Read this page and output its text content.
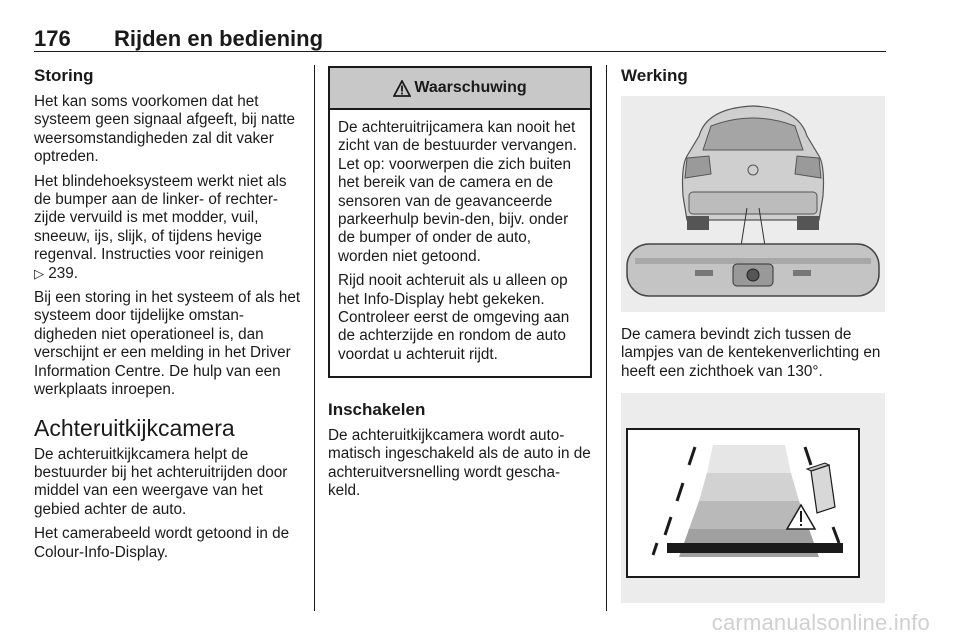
176 Rijden en bediening
Storing

Het kan soms voorkomen dat het systeem geen signaal afgeeft, bij natte weersomstandigheden zal dit vaker optreden.

Het blindehoeksysteem werkt niet als de bumper aan de linker- of rechter-zijde vervuild is met modder, vuil, sneeuw, ijs, slijk, of tijdens hevige regenval. Instructies voor reinigen
▷ 239.

Bij een storing in het systeem of als het systeem door tijdelijke omstan-digheden niet operationeel is, dan verschijnt er een melding in het Driver Information Centre. De hulp van een werkplaats inroepen.

Achteruitkijkcamera

De achteruitkijkcamera helpt de bestuurder bij het achteruitrijden door middel van een weergave van het gebied achter de auto.

Het camerabeeld wordt getoond in de Colour-Info-Display.

Waarschuwing

De achteruitrijcamera kan nooit het zicht van de bestuurder vervangen. Let op: voorwerpen die zich buiten het bereik van de camera en de sensoren van de geavanceerde parkeerhulp bevin-den, bijv. onder de bumper of onder de auto, worden niet getoond.

Rijd nooit achteruit als u alleen op het Info-Display hebt gekeken. Controleer eerst de omgeving aan de achterzijde en rondom de auto voordat u achteruit rijdt.

Inschakelen

De achteruitkijkcamera wordt auto-matisch ingeschakeld als de auto in de achteruitversnelling wordt gescha-keld.

Werking

De camera bevindt zich tussen de lampjes van de kentekenverlichting en heeft een zichthoek van 130°.

carmanualsonline.info
